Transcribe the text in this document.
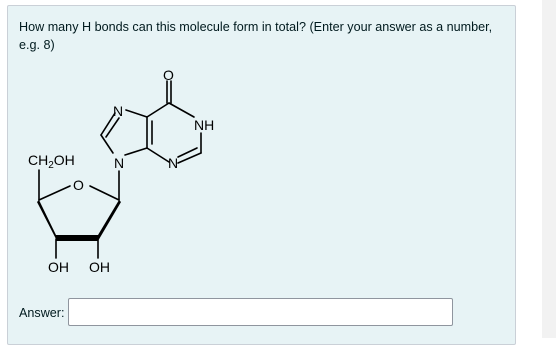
How many H bonds can this molecule form in total? (Enter your answer as a number, e.g. 8)

O
N
NH
N	N
$CH_2OH$
O
OH OH
Answer:
